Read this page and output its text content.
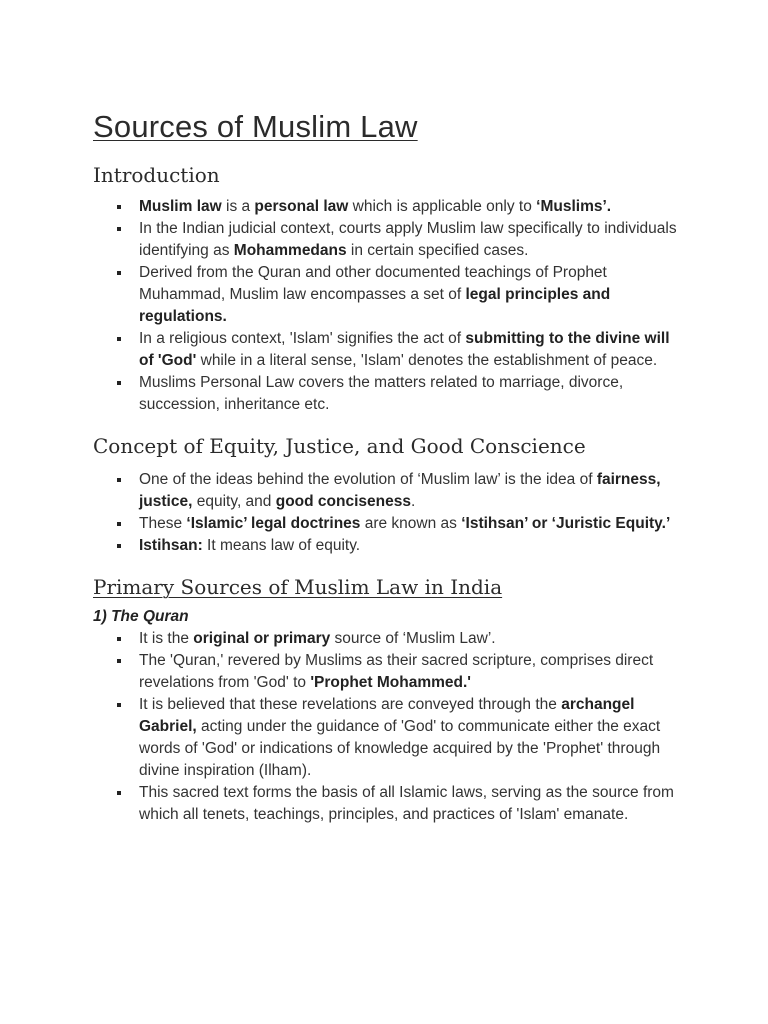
Sources of Muslim Law
Introduction
Muslim law is a personal law which is applicable only to ‘Muslims’.
In the Indian judicial context, courts apply Muslim law specifically to individuals identifying as Mohammedans in certain specified cases.
Derived from the Quran and other documented teachings of Prophet Muhammad, Muslim law encompasses a set of legal principles and regulations.
In a religious context, 'Islam' signifies the act of submitting to the divine will of 'God' while in a literal sense, 'Islam' denotes the establishment of peace.
Muslims Personal Law covers the matters related to marriage, divorce, succession, inheritance etc.
Concept of Equity, Justice, and Good Conscience
One of the ideas behind the evolution of ‘Muslim law’ is the idea of fairness, justice, equity, and good conciseness.
These ‘Islamic’ legal doctrines are known as ‘Istihsan’ or ‘Juristic Equity.’
Istihsan: It means law of equity.
Primary Sources of Muslim Law in India

1) The Quran

It is the original or primary source of ‘Muslim Law’.
The 'Quran,' revered by Muslims as their sacred scripture, comprises direct revelations from 'God' to 'Prophet Mohammed.'
It is believed that these revelations are conveyed through the archangel Gabriel, acting under the guidance of 'God' to communicate either the exact words of 'God' or indications of knowledge acquired by the 'Prophet' through divine inspiration (Ilham).
This sacred text forms the basis of all Islamic laws, serving as the source from which all tenets, teachings, principles, and practices of 'Islam' emanate.
